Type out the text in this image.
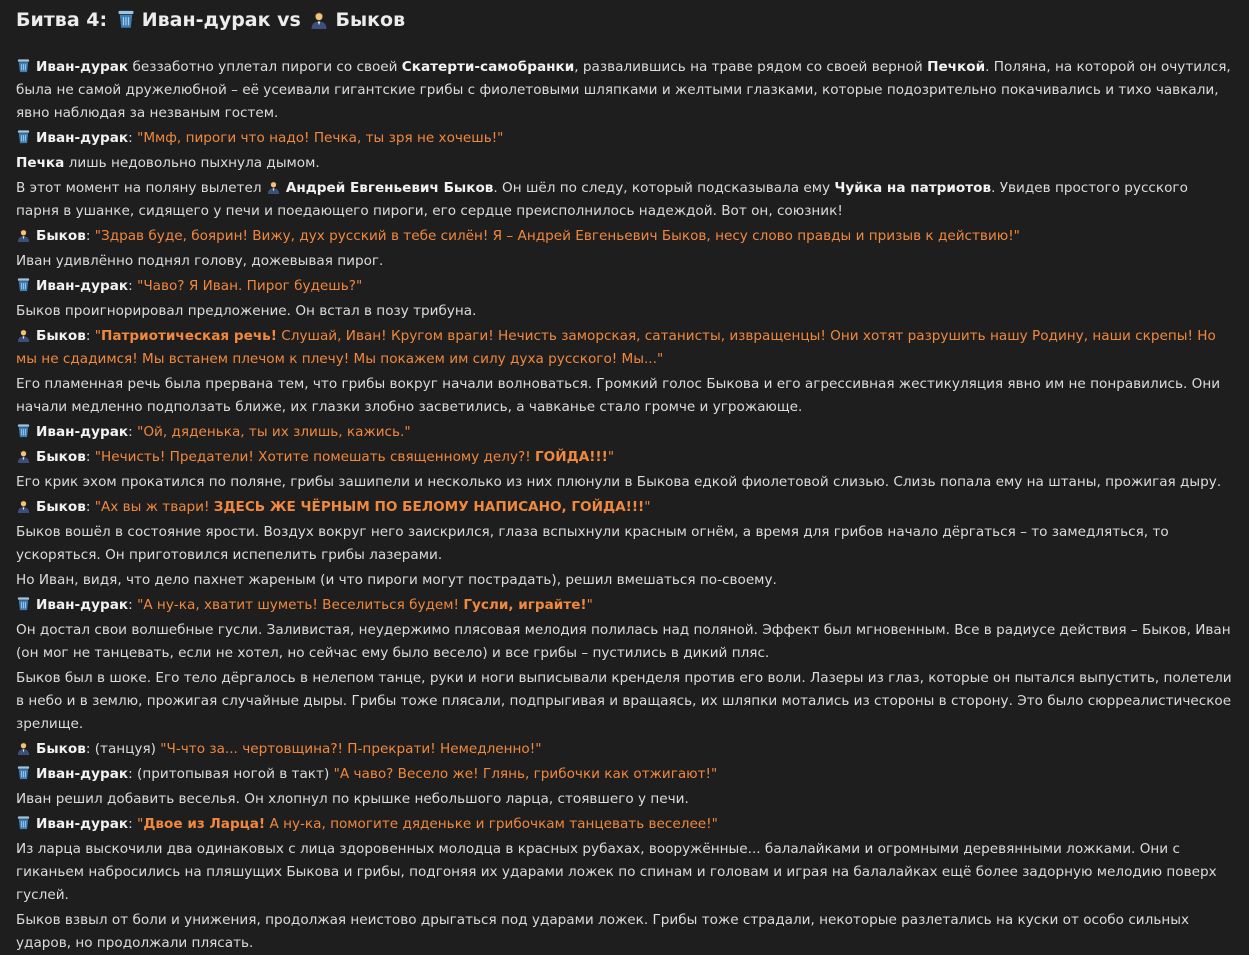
Битва 4: Иван-дурак vs Быков

Иван-дурак беззаботно уплетал пироги со своей Скатерти-самобранки, развалившись на траве рядом со своей верной Печкой. Поляна, на которой он очутился, была не самой дружелюбной – её усеивали гигантские грибы с фиолетовыми шляпками и желтыми глазками, которые подозрительно покачивались и тихо чавкали, явно наблюдая за незваным гостем.

Иван-дурак: "Ммф, пироги что надо! Печка, ты зря не хочешь!"

Печка лишь недовольно пыхнула дымом.

В этот момент на поляну вылетел Андрей Евгеньевич Быков. Он шёл по следу, который подсказывала ему Чуйка на патриотов. Увидев простого русского парня в ушанке, сидящего у печи и поедающего пироги, его сердце преисполнилось надеждой. Вот он, союзник!

Быков: "Здрав буде, боярин! Вижу, дух русский в тебе силён! Я – Андрей Евгеньевич Быков, несу слово правды и призыв к действию!"

Иван удивлённо поднял голову, дожевывая пирог.

Иван-дурак: "Чаво? Я Иван. Пирог будешь?"

Быков проигнорировал предложение. Он встал в позу трибуна.

Быков: "Патриотическая речь! Слушай, Иван! Кругом враги! Нечисть заморская, сатанисты, извращенцы! Они хотят разрушить нашу Родину, наши скрепы! Но мы не сдадимся! Мы встанем плечом к плечу! Мы покажем им силу духа русского! Мы..."

Его пламенная речь была прервана тем, что грибы вокруг начали волноваться. Громкий голос Быкова и его агрессивная жестикуляция явно им не понравились. Они начали медленно подползать ближе, их глазки злобно засветились, а чавканье стало громче и угрожающе.

Иван-дурак: "Ой, дяденька, ты их злишь, кажись."

Быков: "Нечисть! Предатели! Хотите помешать священному делу?! ГОЙДА!!!"

Его крик эхом прокатился по поляне, грибы зашипели и несколько из них плюнули в Быкова едкой фиолетовой слизью. Слизь попала ему на штаны, прожигая дыру.

Быков: "Ах вы ж твари! ЗДЕСЬ ЖЕ ЧЁРНЫМ ПО БЕЛОМУ НАПИСАНО, ГОЙДА!!!"

Быков вошёл в состояние ярости. Воздух вокруг него заискрился, глаза вспыхнули красным огнём, а время для грибов начало дёргаться – то замедляться, то ускоряться. Он приготовился испепелить грибы лазерами.

Но Иван, видя, что дело пахнет жареным (и что пироги могут пострадать), решил вмешаться по-своему.

Иван-дурак: "А ну-ка, хватит шуметь! Веселиться будем! Гусли, играйте!"

Он достал свои волшебные гусли. Заливистая, неудержимо плясовая мелодия полилась над поляной. Эффект был мгновенным. Все в радиусе действия – Быков, Иван (он мог не танцевать, если не хотел, но сейчас ему было весело) и все грибы – пустились в дикий пляс.

Быков был в шоке. Его тело дёргалось в нелепом танце, руки и ноги выписывали кренделя против его воли. Лазеры из глаз, которые он пытался выпустить, полетели в небо и в землю, прожигая случайные дыры. Грибы тоже плясали, подпрыгивая и вращаясь, их шляпки мотались из стороны в сторону. Это было сюрреалистическое зрелище.

Быков: (танцуя) "Ч-что за... чертовщина?! П-прекрати! Немедленно!"

Иван-дурак: (притопывая ногой в такт) "А чаво? Весело же! Глянь, грибочки как отжигают!"

Иван решил добавить веселья. Он хлопнул по крышке небольшого ларца, стоявшего у печи.

Иван-дурак: "Двое из Ларца! А ну-ка, помогите дяденьке и грибочкам танцевать веселее!"

Из ларца выскочили два одинаковых с лица здоровенных молодца в красных рубахах, вооружённые... балалайками и огромными деревянными ложками. Они с гиканьем набросились на пляшущих Быкова и грибы, подгоняя их ударами ложек по спинам и головам и играя на балалайках ещё более задорную мелодию поверх гуслей.

Быков взвыл от боли и унижения, продолжая неистово дрыгаться под ударами ложек. Грибы тоже страдали, некоторые разлетались на куски от особо сильных ударов, но продолжали плясать.
